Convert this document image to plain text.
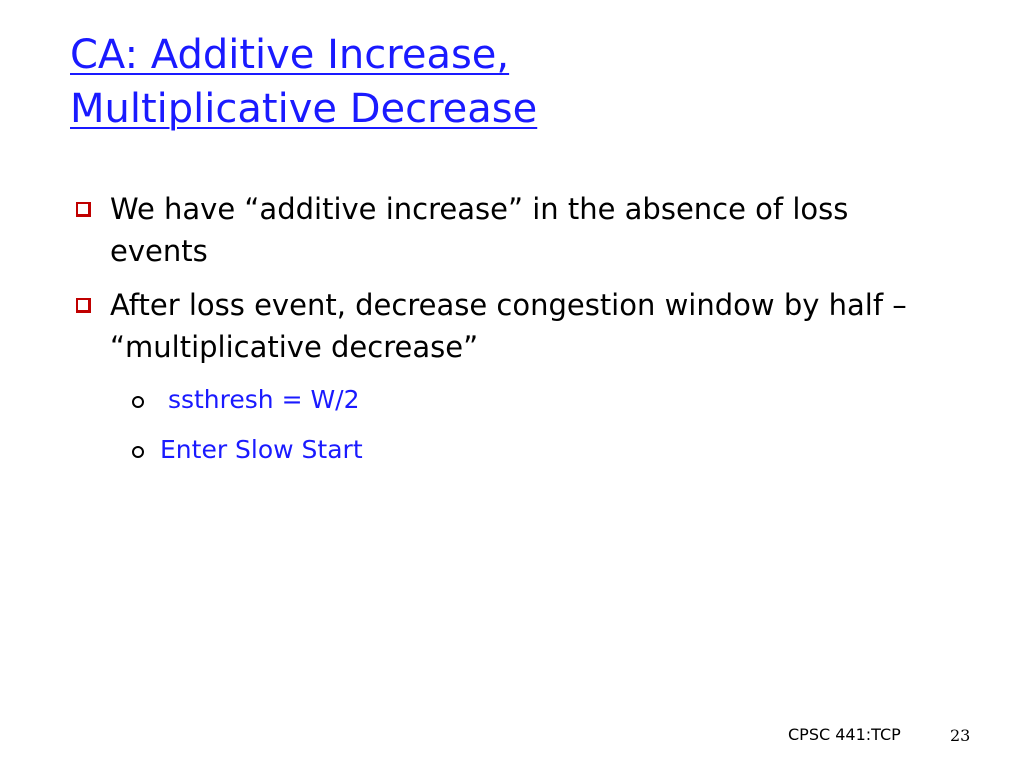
CA: Additive Increase,
Multiplicative Decrease
We have “additive increase” in the absence of loss events
After loss event, decrease congestion window by half – “multiplicative decrease”
ssthresh = W/2
Enter Slow Start
CPSC 441:TCP	23
